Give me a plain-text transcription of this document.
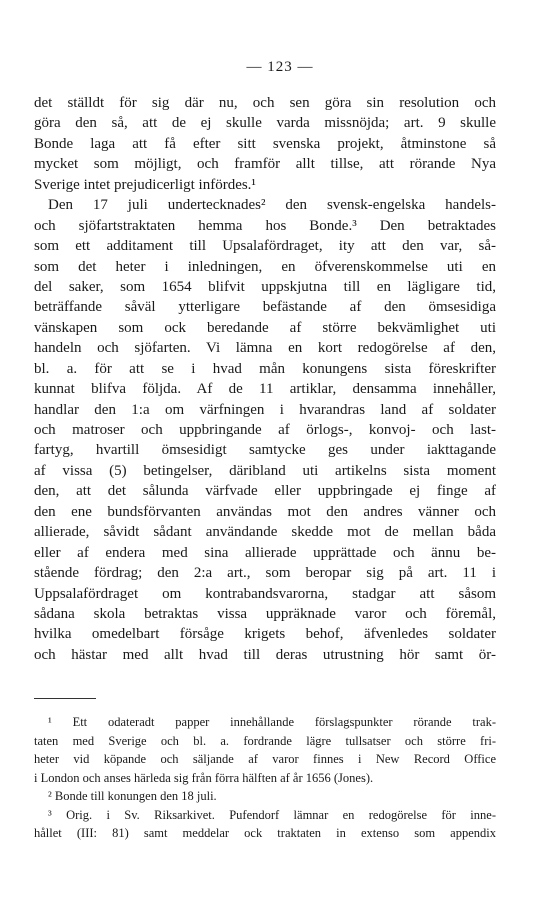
— 123 —
det ställdt för sig där nu, och sen göra sin resolution och
göra den så, att de ej skulle varda missnöjda; art. 9 skulle
Bonde laga att få efter sitt svenska projekt, åtminstone så
mycket som möjligt, och framför allt tillse, att rörande Nya
Sverige intet prejudicerligt infördes.¹
Den 17 juli undertecknades² den svensk-engelska handels-
och sjöfartstraktaten hemma hos Bonde.³ Den betraktades
som ett additament till Upsalafördraget, ity att den var, så-
som det heter i inledningen, en öfverenskommelse uti en
del saker, som 1654 blifvit uppskjutna till en lägligare tid,
beträffande såväl ytterligare befästande af den ömsesidiga
vänskapen som ock beredande af större bekvämlighet uti
handeln och sjöfarten. Vi lämna en kort redogörelse af den,
bl. a. för att se i hvad mån konungens sista föreskrifter
kunnat blifva följda. Af de 11 artiklar, densamma innehåller,
handlar den 1:a om värfningen i hvarandras land af soldater
och matroser och uppbringande af örlogs-, konvoj- och last-
fartyg, hvartill ömsesidigt samtycke ges under iakttagande
af vissa (5) betingelser, däribland uti artikelns sista moment
den, att det sålunda värfvade eller uppbringade ej finge af
den ene bundsförvanten användas mot den andres vänner och
allierade, såvidt sådant användande skedde mot de mellan båda
eller af endera med sina allierade upprättade och ännu be-
stående fördrag; den 2:a art., som beropar sig på art. 11 i
Uppsalafördraget om kontrabandsvarorna, stadgar att såsom
sådana skola betraktas vissa uppräknade varor och föremål,
hvilka omedelbart försåge krigets behof, äfvenledes soldater
och hästar med allt hvad till deras utrustning hör samt ör-
¹ Ett odateradt papper innehållande förslagspunkter rörande trak-
taten med Sverige och bl. a. fordrande lägre tullsatser och större fri-
heter vid köpande och säljande af varor finnes i New Record Office
i London och anses härleda sig från förra hälften af år 1656 (Jones).
² Bonde till konungen den 18 juli.
³ Orig. i Sv. Riksarkivet. Pufendorf lämnar en redogörelse för inne-
hållet (III: 81) samt meddelar ock traktaten in extenso som appendix
